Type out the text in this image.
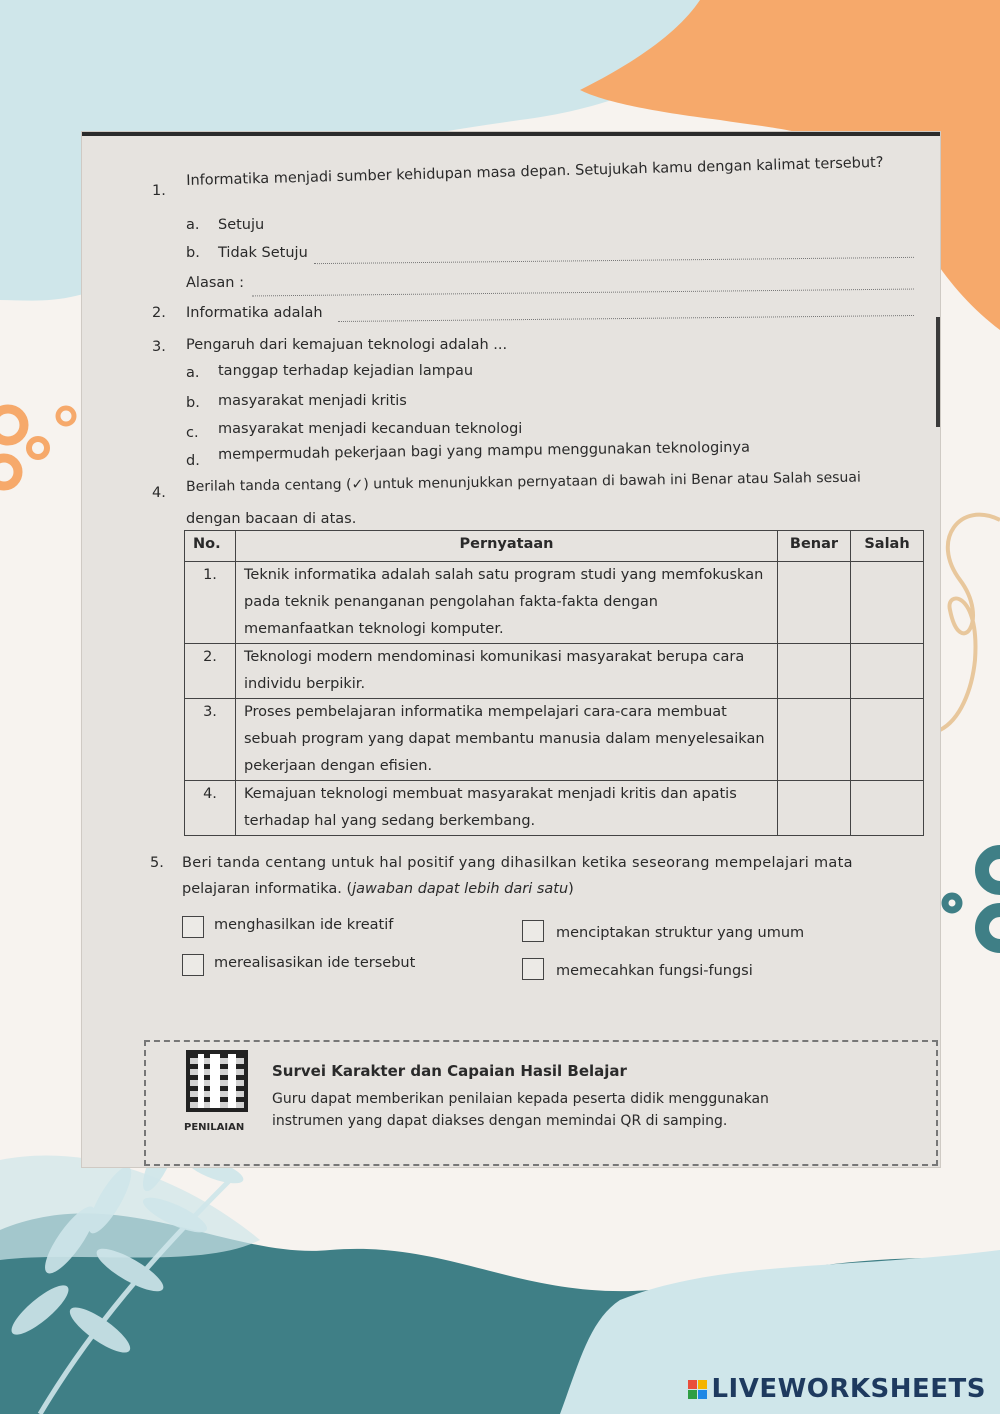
1.
Informatika menjadi sumber kehidupan masa depan. Setujukah kamu dengan kalimat tersebut?
a. Setuju
b. Tidak Setuju
Alasan :
2. Informatika adalah
3. Pengaruh dari kemajuan teknologi adalah ...
a. tanggap terhadap kejadian lampau
b. masyarakat menjadi kritis
c. masyarakat menjadi kecanduan teknologi
d. mempermudah pekerjaan bagi yang mampu menggunakan teknologinya
4. Berilah tanda centang (✓) untuk menunjukkan pernyataan di bawah ini Benar atau Salah sesuai
dengan bacaan di atas.
No.	Pernyataan	Benar	Salah
1.	Teknik informatika adalah salah satu program studi yang memfokuskan pada teknik penanganan pengolahan fakta-fakta dengan memanfaatkan teknologi komputer.		
2.	Teknologi modern mendominasi komunikasi masyarakat berupa cara individu berpikir.		
3.	Proses pembelajaran informatika mempelajari cara-cara membuat sebuah program yang dapat membantu manusia dalam menyelesaikan pekerjaan dengan efisien.		
4.	Kemajuan teknologi membuat masyarakat menjadi kritis dan apatis terhadap hal yang sedang berkembang.		
5. Beri tanda centang untuk hal positif yang dihasilkan ketika seseorang mempelajari mata
pelajaran informatika. (jawaban dapat lebih dari satu)
menghasilkan ide kreatif	menciptakan struktur yang umum
merealisasikan ide tersebut	memecahkan fungsi-fungsi
PENILAIAN
Survei Karakter dan Capaian Hasil Belajar
Guru dapat memberikan penilaian kepada peserta didik menggunakan
instrumen yang dapat diakses dengan memindai QR di samping.
LIVEWORKSHEETS
